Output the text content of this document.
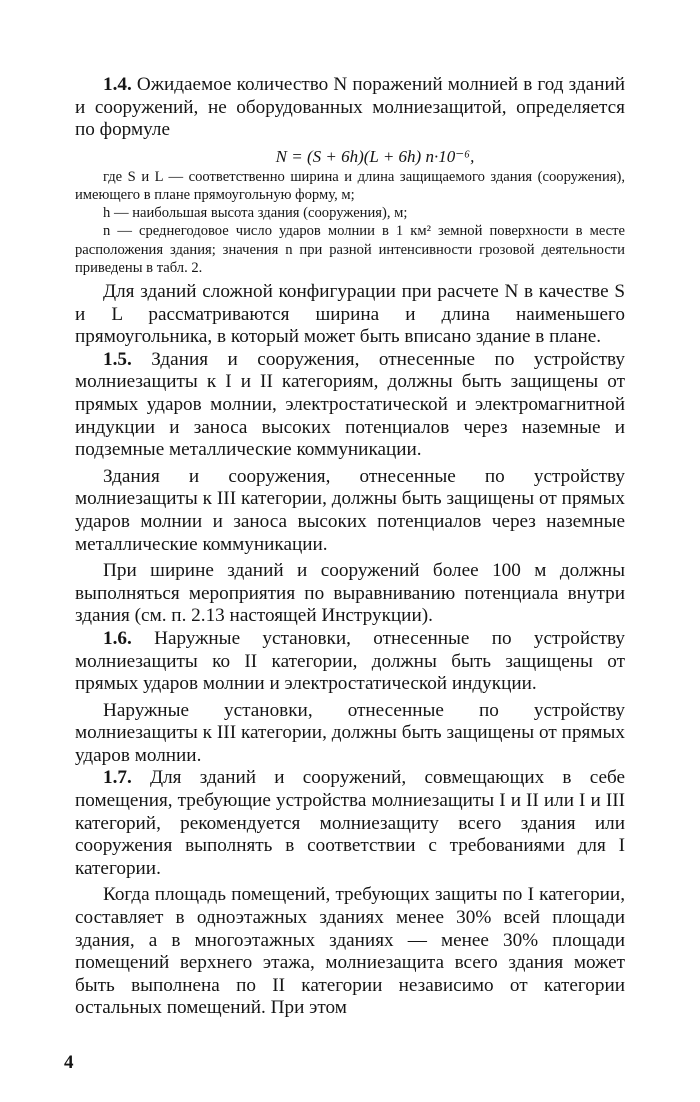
1.4. Ожидаемое количество N поражений молнией в год зданий и сооружений, не оборудованных молниезащитой, определяется по формуле

N = (S + 6h)(L + 6h) n·10⁻⁶,

где S и L — соответственно ширина и длина защищаемого здания (сооружения), имеющего в плане прямоугольную форму, м;

h — наибольшая высота здания (сооружения), м;

n — среднегодовое число ударов молнии в 1 км² земной поверхности в месте расположения здания; значения n при разной интенсивности грозовой деятельности приведены в табл. 2.

Для зданий сложной конфигурации при расчете N в качестве S и L рассматриваются ширина и длина наименьшего прямоугольника, в который может быть вписано здание в плане.

1.5. Здания и сооружения, отнесенные по устройству молниезащиты к I и II категориям, должны быть защищены от прямых ударов молнии, электростатической и электромагнитной индукции и заноса высоких потенциалов через наземные и подземные металлические коммуникации.

Здания и сооружения, отнесенные по устройству молниезащиты к III категории, должны быть защищены от прямых ударов молнии и заноса высоких потенциалов через наземные металлические коммуникации.

При ширине зданий и сооружений более 100 м должны выполняться мероприятия по выравниванию потенциала внутри здания (см. п. 2.13 настоящей Инструкции).

1.6. Наружные установки, отнесенные по устройству молниезащиты ко II категории, должны быть защищены от прямых ударов молнии и электростатической индукции.

Наружные установки, отнесенные по устройству молниезащиты к III категории, должны быть защищены от прямых ударов молнии.

1.7. Для зданий и сооружений, совмещающих в себе помещения, требующие устройства молниезащиты I и II или I и III категорий, рекомендуется молниезащиту всего здания или сооружения выполнять в соответствии с требованиями для I категории.

Когда площадь помещений, требующих защиты по I категории, составляет в одноэтажных зданиях менее 30% всей площади здания, а в многоэтажных зданиях — менее 30% площади помещений верхнего этажа, молниезащита всего здания может быть выполнена по II категории независимо от категории остальных помещений. При этом

4
